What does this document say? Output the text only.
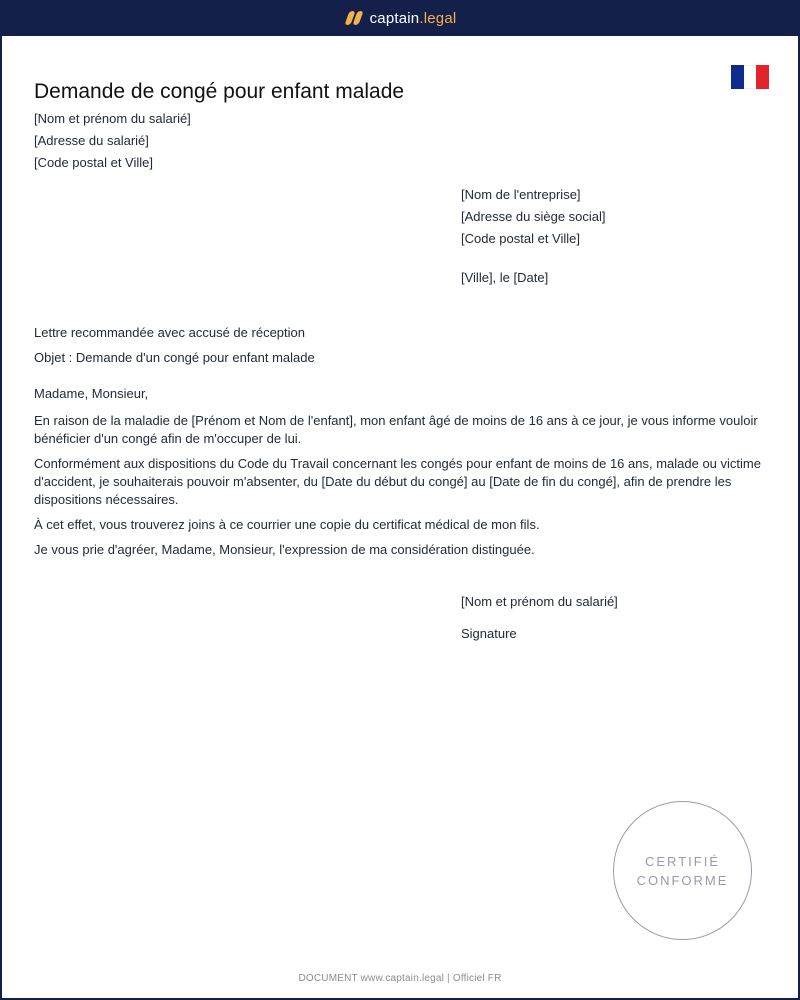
captain.legal
Demande de congé pour enfant malade
[Nom et prénom du salarié]
[Adresse du salarié]
[Code postal et Ville]
[Nom de l'entreprise]
[Adresse du siège social]
[Code postal et Ville]
[Ville], le [Date]
Lettre recommandée avec accusé de réception
Objet : Demande d'un congé pour enfant malade

Madame, Monsieur,

En raison de la maladie de [Prénom et Nom de l'enfant], mon enfant âgé de moins de 16 ans à ce jour, je vous informe vouloir bénéficier d'un congé afin de m'occuper de lui.

Conformément aux dispositions du Code du Travail concernant les congés pour enfant de moins de 16 ans, malade ou victime d'accident, je souhaiterais pouvoir m'absenter, du [Date du début du congé] au [Date de fin du congé], afin de prendre les dispositions nécessaires.

À cet effet, vous trouverez joins à ce courrier une copie du certificat médical de mon fils.

Je vous prie d'agréer, Madame, Monsieur, l'expression de ma considération distinguée.

[Nom et prénom du salarié]
Signature
CERTIFIÉ
CONFORME
DOCUMENT www.captain.legal | Officiel FR
